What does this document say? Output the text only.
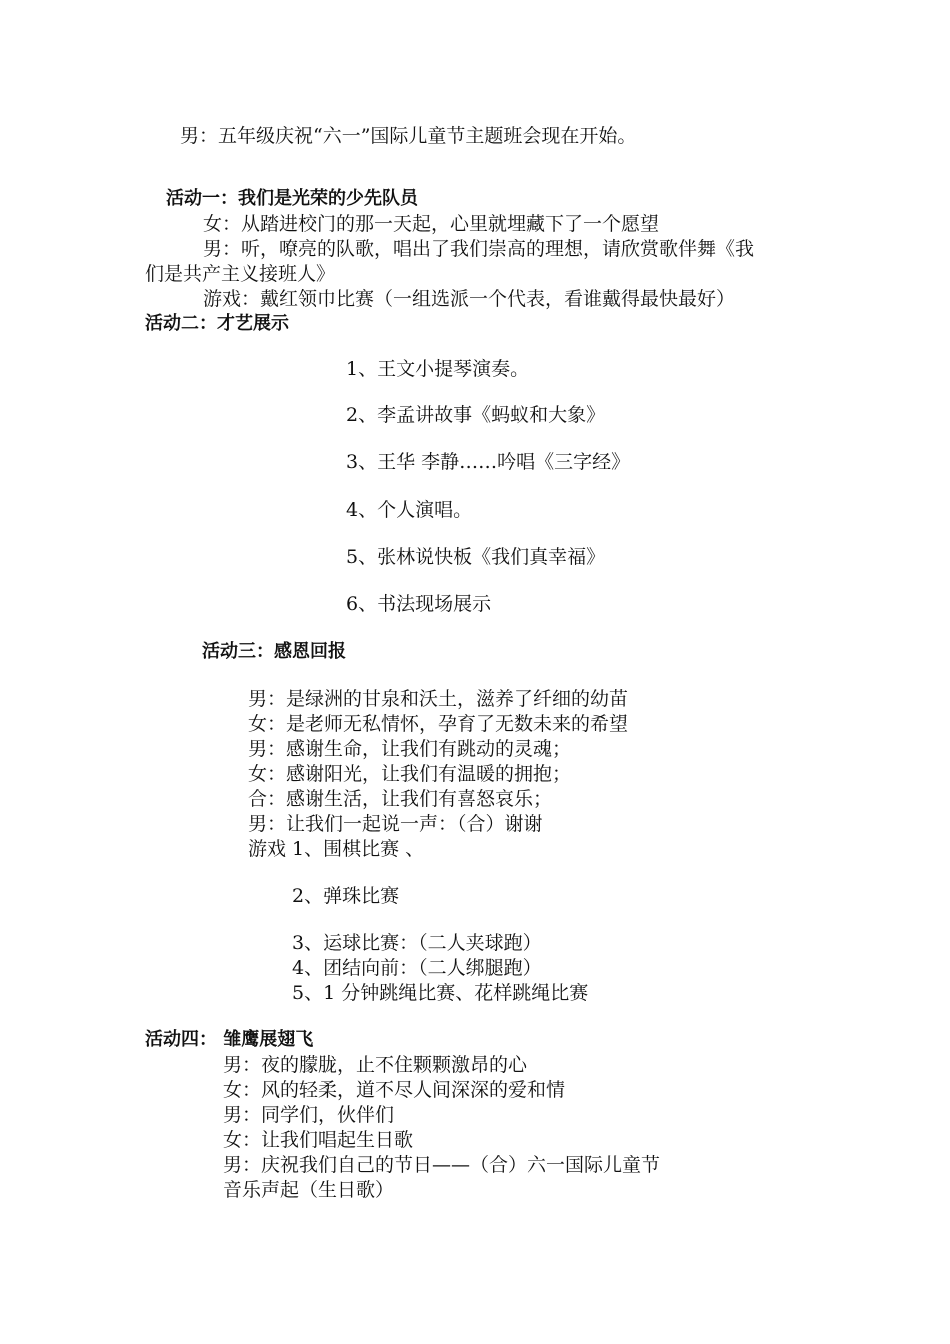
男：五年级庆祝“六一”国际儿童节主题班会现在开始。

活动一：我们是光荣的少先队员

女：从踏进校门的那一天起，心里就埋藏下了一个愿望

男：听，嘹亮的队歌，唱出了我们崇高的理想，请欣赏歌伴舞《我

们是共产主义接班人》

游戏：戴红领巾比赛（一组选派一个代表，看谁戴得最快最好）

活动二：才艺展示

1、王文小提琴演奏。

2、李孟讲故事《蚂蚁和大象》

3、王华 李静……吟唱《三字经》

4、个人演唱。

5、张林说快板《我们真幸福》

6、书法现场展示

活动三：感恩回报

男：是绿洲的甘泉和沃土，滋养了纤细的幼苗

女：是老师无私情怀，孕育了无数未来的希望

男：感谢生命，让我们有跳动的灵魂；

女：感谢阳光，让我们有温暖的拥抱；

合：感谢生活，让我们有喜怒哀乐；

男：让我们一起说一声：（合）谢谢

游戏 1、围棋比赛 、

2、弹珠比赛

3、运球比赛：（二人夹球跑）

4、团结向前：（二人绑腿跑）

5、1 分钟跳绳比赛、花样跳绳比赛

活动四： 雏鹰展翅飞

男：夜的朦胧，止不住颗颗激昂的心

女：风的轻柔，道不尽人间深深的爱和情

男：同学们，伙伴们

女：让我们唱起生日歌

男：庆祝我们自己的节日——（合）六一国际儿童节

音乐声起（生日歌）
